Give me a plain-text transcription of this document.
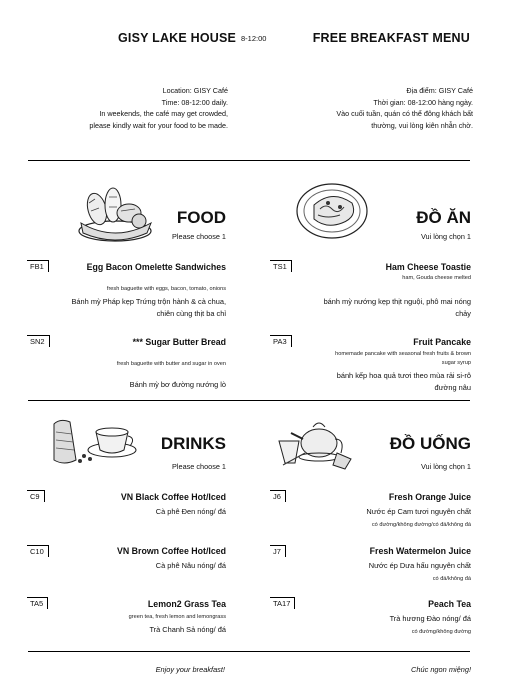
GISY LAKE HOUSE 8-12:00	FREE BREAKFAST MENU
Location: GISY Café
Time: 08-12:00 daily.
In weekends, the café may get crowded,
please kindly wait for your food to be made.
Địa điểm: GISY Café
Thời gian: 08-12:00 hàng ngày.
Vào cuối tuần, quán có thể đông khách bất
thường, vui lòng kiên nhẫn chờ.
FOOD
Please choose 1
ĐỒ ĂN
Vui lòng chọn 1
FB1	Egg Bacon Omelette Sandwiches
fresh baguette with eggs, bacon, tomato, onions
Bánh mỳ Pháp kẹp Trứng trộn hành & cà chua,
chiên cùng thịt ba chỉ
SN2	*** Sugar Butter Bread
fresh baguette with butter and sugar in oven
Bánh mỳ bơ đường nướng lò
TS1	Ham Cheese Toastie
ham, Gouda cheese melted
bánh mỳ nướng kẹp thịt nguội, phô mai nóng
chảy
PA3	Fruit Pancake
homemade pancake with seasonal fresh fruits & brown
sugar syrup
bánh kếp hoa quả tươi theo mùa rải si-rô
đường nâu
DRINKS
Please choose 1
ĐỒ UỐNG
Vui lòng chọn 1
C9	VN Black Coffee Hot/Iced
Cà phê Đen nóng/ đá
C10	VN Brown Coffee Hot/Iced
Cà phê Nâu nóng/ đá
TA5	Lemon2 Grass Tea
green tea, fresh lemon and lemongrass
Trà Chanh Sả nóng/ đá
J6	Fresh Orange Juice
Nước ép Cam tươi nguyên chất
có đường/không đường/có đá/không đá
J7	Fresh Watermelon Juice
Nước ép Dưa hấu nguyên chất
có đá/không đá
TA17	Peach Tea
Trà hương Đào nóng/ đá
có đường/không đường
Enjoy your breakfast!	Chúc ngon miệng!
